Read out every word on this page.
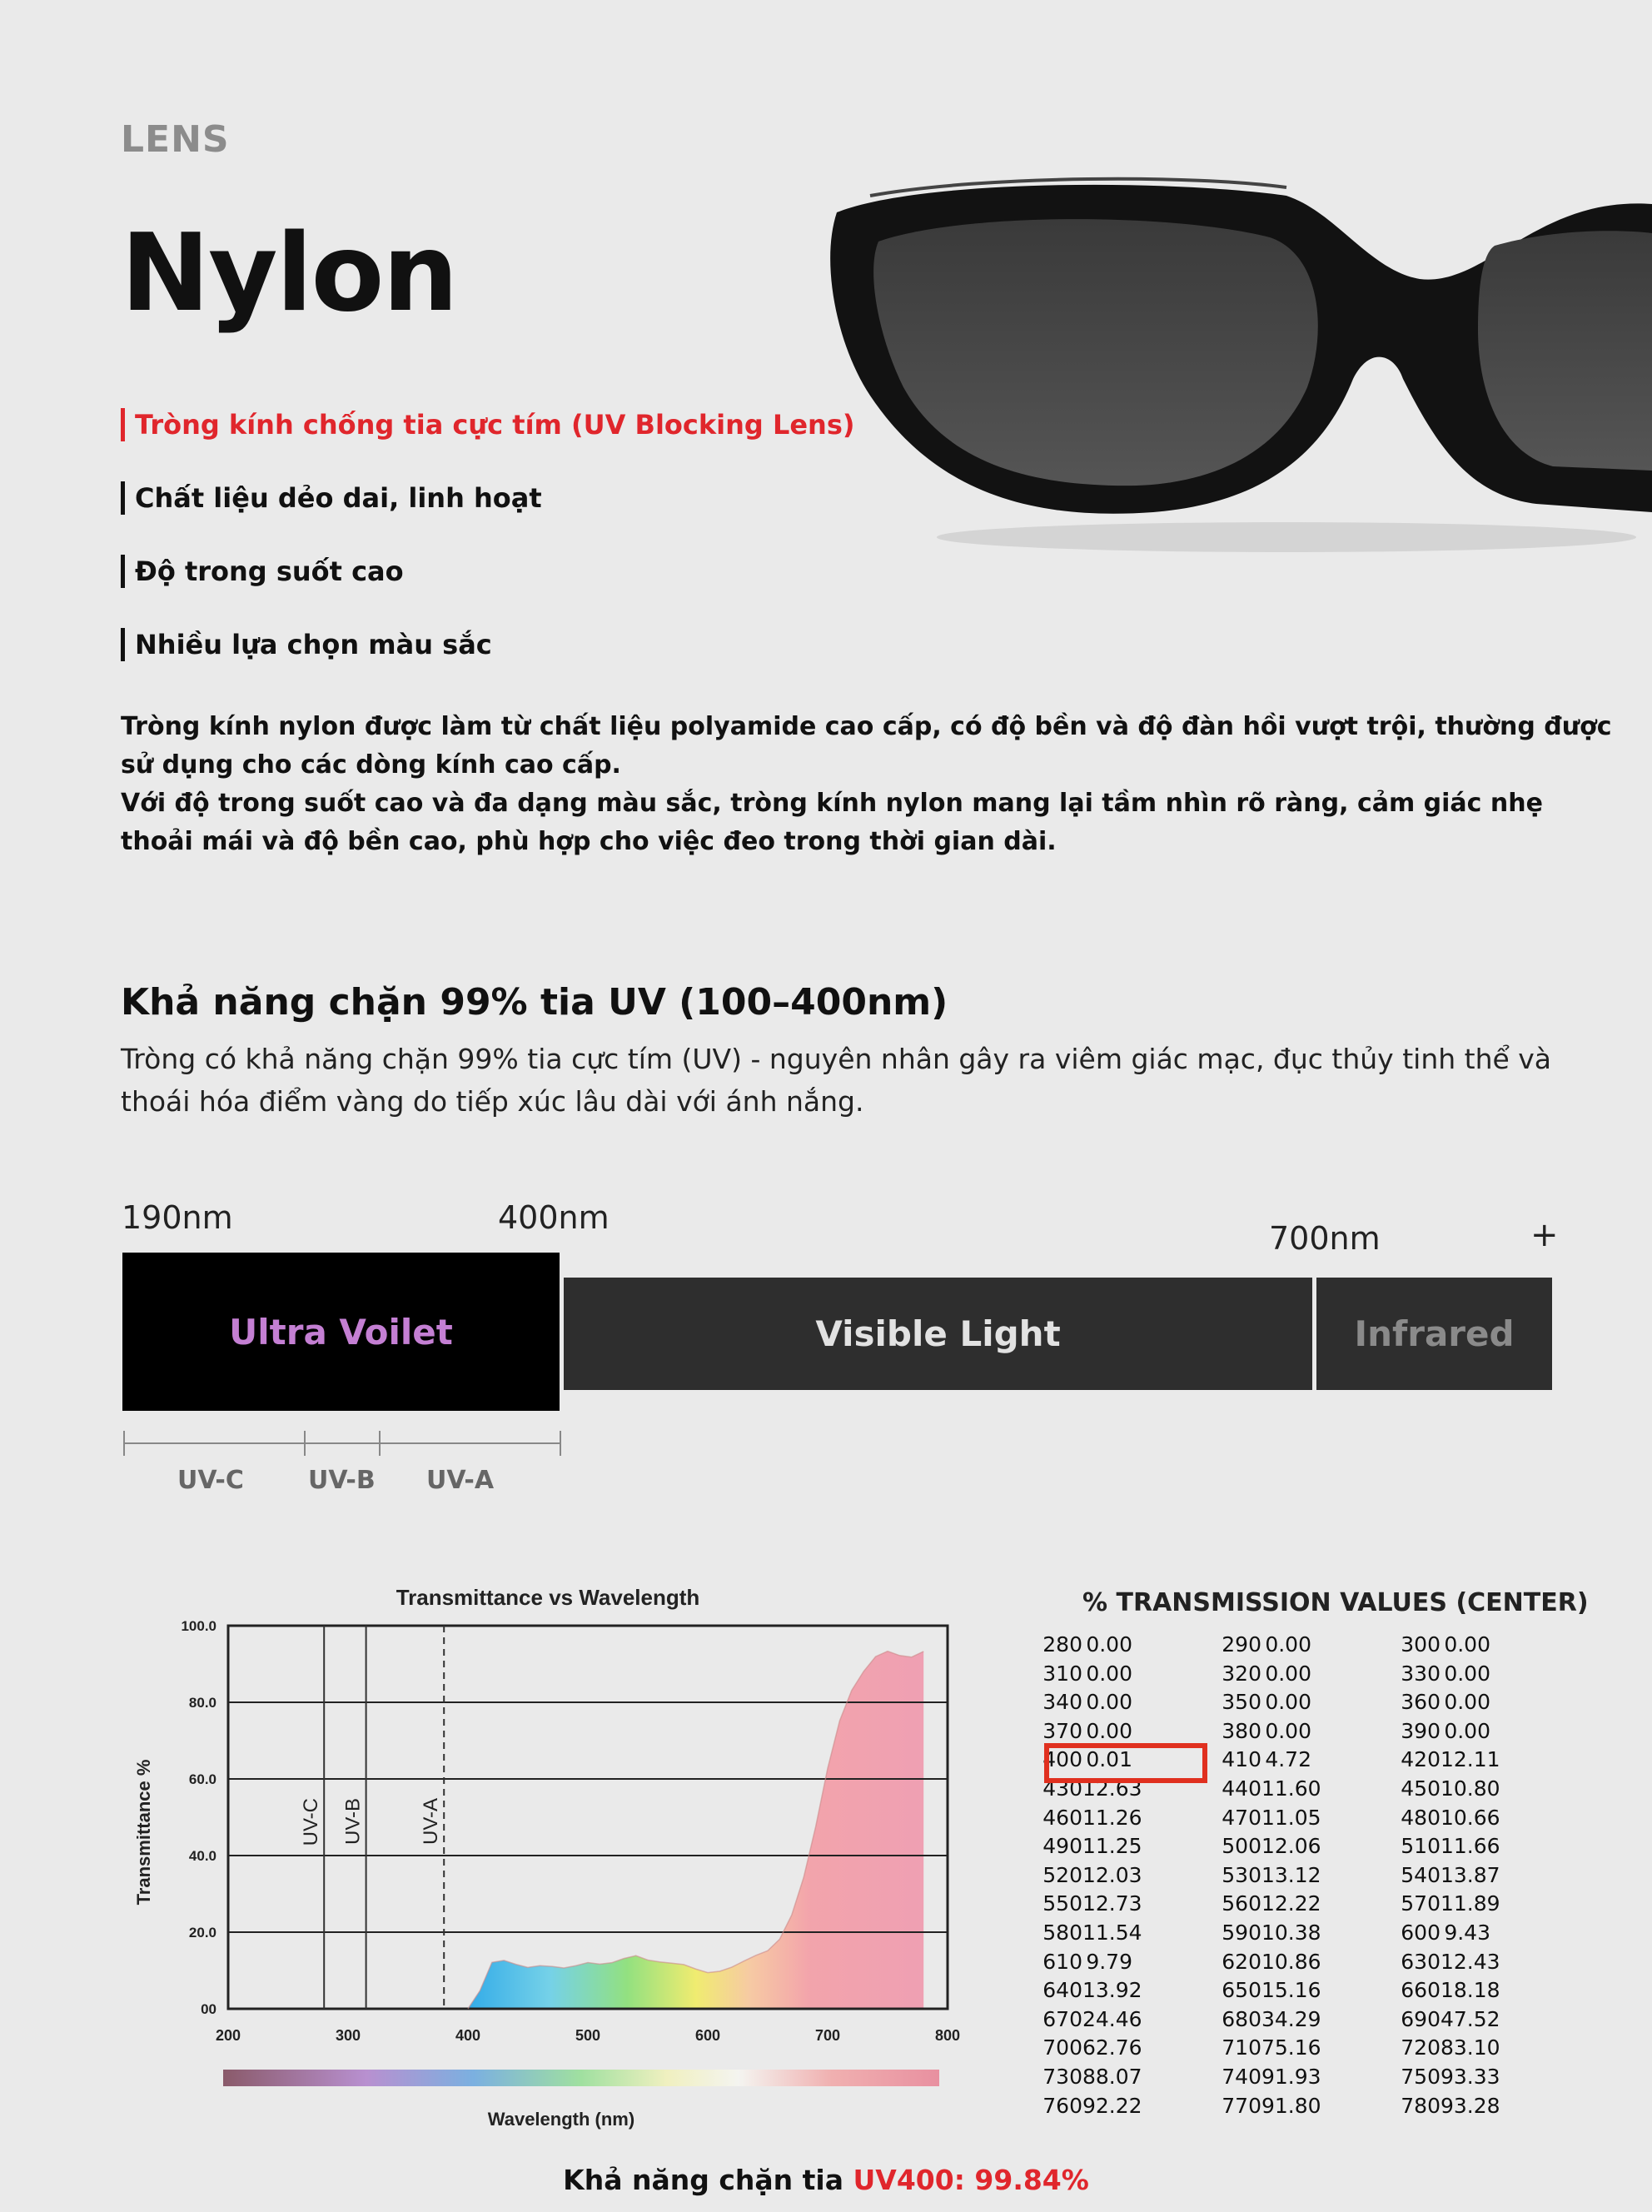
LENS
Nylon
Tròng kính chống tia cực tím (UV Blocking Lens)
Chất liệu dẻo dai, linh hoạt
Độ trong suốt cao
Nhiều lựa chọn màu sắc
Tròng kính nylon được làm từ chất liệu polyamide cao cấp, có độ bền và độ đàn hồi vượt trội, thường được sử dụng cho các dòng kính cao cấp.
Với độ trong suốt cao và đa dạng màu sắc, tròng kính nylon mang lại tầm nhìn rõ ràng, cảm giác nhẹ thoải mái và độ bền cao, phù hợp cho việc đeo trong thời gian dài.
Khả năng chặn 99% tia UV (100–400nm)
Tròng có khả năng chặn 99% tia cực tím (UV) - nguyên nhân gây ra viêm giác mạc, đục thủy tinh thể và thoái hóa điểm vàng do tiếp xúc lâu dài với ánh nắng.
190nm	400nm
700nm	+
Ultra Voilet	Visible Light	Infrared
UV-C	UV-B UV-A
Transmittance vs Wavelength
00
20.0
40.0
60.0
80.0
100.0
200	300	400	500	600	700	800
UV-C UV-B	UV-A
Wavelength (nm)
Transmittance %
% TRANSMISSION VALUES (CENTER)
280 0.00	290 0.00	300 0.00
310 0.00	320 0.00	330 0.00
340 0.00	350 0.00	360 0.00
370 0.00	380 0.00	390 0.00
400 0.01	410 4.72	420 12.11
430 12.63	440 11.60	450 10.80
460 11.26	470 11.05	480 10.66
490 11.25	500 12.06	510 11.66
520 12.03	530 13.12	540 13.87
550 12.73	560 12.22	570 11.89
580 11.54	590 10.38	600 9.43
610 9.79	620 10.86	630 12.43
640 13.92	650 15.16	660 18.18
670 24.46	680 34.29	690 47.52
700 62.76	710 75.16	720 83.10
730 88.07	740 91.93	750 93.33
760 92.22	770 91.80	780 93.28
Khả năng chặn tia UV400: 99.84%
